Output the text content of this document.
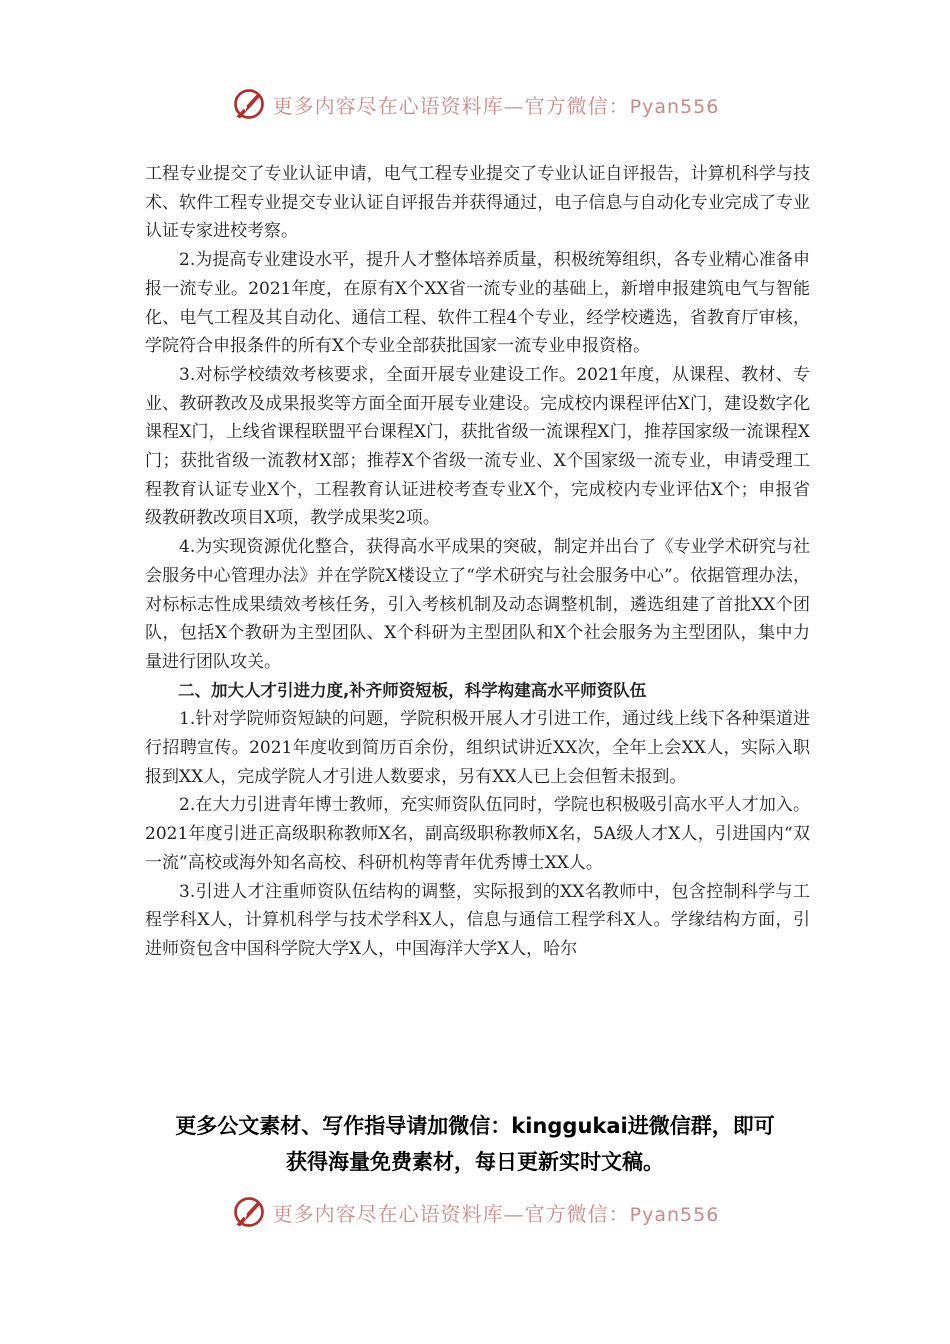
更多内容尽在心语资料库—官方微信：Pyan556

工程专业提交了专业认证申请，电气工程专业提交了专业认证自评报告，计算机科学与技术、软件工程专业提交专业认证自评报告并获得通过，电子信息与自动化专业完成了专业认证专家进校考察。

2.为提高专业建设水平，提升人才整体培养质量，积极统筹组织，各专业精心准备申报一流专业。2021年度，在原有X个XX省一流专业的基础上，新增申报建筑电气与智能化、电气工程及其自动化、通信工程、软件工程4个专业，经学校遴选，省教育厅审核，学院符合申报条件的所有X个专业全部获批国家一流专业申报资格。

3.对标学校绩效考核要求，全面开展专业建设工作。2021年度，从课程、教材、专业、教研教改及成果报奖等方面全面开展专业建设。完成校内课程评估X门，建设数字化课程X门，上线省课程联盟平台课程X门，获批省级一流课程X门，推荐国家级一流课程X门；获批省级一流教材X部；推荐X个省级一流专业、X个国家级一流专业，申请受理工程教育认证专业X个，工程教育认证进校考查专业X个，完成校内专业评估X个；申报省级教研教改项目X项，教学成果奖2项。

4.为实现资源优化整合，获得高水平成果的突破，制定并出台了《专业学术研究与社会服务中心管理办法》并在学院X楼设立了“学术研究与社会服务中心”。依据管理办法，对标标志性成果绩效考核任务，引入考核机制及动态调整机制，遴选组建了首批XX个团队，包括X个教研为主型团队、X个科研为主型团队和X个社会服务为主型团队，集中力量进行团队攻关。

二、加大人才引进力度,补齐师资短板，科学构建高水平师资队伍

1.针对学院师资短缺的问题，学院积极开展人才引进工作，通过线上线下各种渠道进行招聘宣传。2021年度收到简历百余份，组织试讲近XX次，全年上会XX人，实际入职报到XX人，完成学院人才引进人数要求，另有XX人已上会但暂未报到。

2.在大力引进青年博士教师，充实师资队伍同时，学院也积极吸引高水平人才加入。2021年度引进正高级职称教师X名，副高级职称教师X名，5A级人才X人，引进国内“双一流”高校或海外知名高校、科研机构等青年优秀博士XX人。

3.引进人才注重师资队伍结构的调整，实际报到的XX名教师中，包含控制科学与工程学科X人，计算机科学与技术学科X人，信息与通信工程学科X人。学缘结构方面，引进师资包含中国科学院大学X人，中国海洋大学X人，哈尔

更多公文素材、写作指导请加微信：kinggukai进微信群，即可
获得海量免费素材，每日更新实时文稿。
更多内容尽在心语资料库—官方微信：Pyan556
